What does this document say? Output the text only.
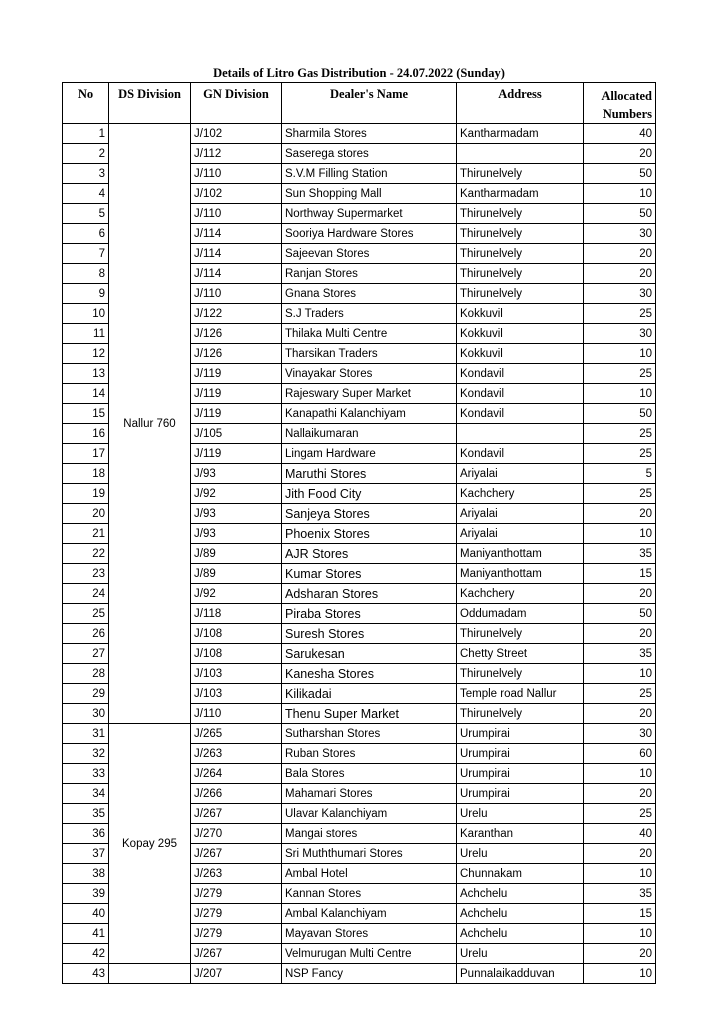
Details of Litro Gas Distribution - 24.07.2022 (Sunday)
No	DS Division	GN Division	Dealer's Name	Address	Allocated
Numbers
1	Nallur 760	J/102	Sharmila Stores	Kantharmadam	40
2		J/112	Saserega stores		20
3		J/110	S.V.M Filling Station	Thirunelvely	50
4		J/102	Sun Shopping Mall	Kantharmadam	10
5		J/110	Northway Supermarket	Thirunelvely	50
6		J/114	Sooriya Hardware Stores	Thirunelvely	30
7		J/114	Sajeevan Stores	Thirunelvely	20
8		J/114	Ranjan Stores	Thirunelvely	20
9		J/110	Gnana Stores	Thirunelvely	30
10		J/122	S.J Traders	Kokkuvil	25
11		J/126	Thilaka Multi Centre	Kokkuvil	30
12		J/126	Tharsikan Traders	Kokkuvil	10
13		J/119	Vinayakar Stores	Kondavil	25
14		J/119	Rajeswary Super Market	Kondavil	10
15		J/119	Kanapathi Kalanchiyam	Kondavil	50
16		J/105	Nallaikumaran		25
17		J/119	Lingam Hardware	Kondavil	25
18		J/93	Maruthi Stores	Ariyalai	5
19		J/92	Jith Food City	Kachchery	25
20		J/93	Sanjeya Stores	Ariyalai	20
21		J/93	Phoenix Stores	Ariyalai	10
22		J/89	AJR Stores	Maniyanthottam	35
23		J/89	Kumar Stores	Maniyanthottam	15
24		J/92	Adsharan Stores	Kachchery	20
25		J/118	Piraba Stores	Oddumadam	50
26		J/108	Suresh Stores	Thirunelvely	20
27		J/108	Sarukesan	Chetty Street	35
28		J/103	Kanesha Stores	Thirunelvely	10
29		J/103	Kilikadai	Temple road Nallur	25
30		J/110	Thenu Super Market	Thirunelvely	20
31	Kopay 295	J/265	Sutharshan Stores	Urumpirai	30
32		J/263	Ruban Stores	Urumpirai	60
33		J/264	Bala Stores	Urumpirai	10
34		J/266	Mahamari Stores	Urumpirai	20
35		J/267	Ulavar Kalanchiyam	Urelu	25
36		J/270	Mangai stores	Karanthan	40
37		J/267	Sri Muththumari Stores	Urelu	20
38		J/263	Ambal Hotel	Chunnakam	10
39		J/279	Kannan Stores	Achchelu	35
40		J/279	Ambal Kalanchiyam	Achchelu	15
41		J/279	Mayavan Stores	Achchelu	10
42		J/267	Velmurugan Multi Centre	Urelu	20
43		J/207	NSP Fancy	Punnalaikadduvan	10
